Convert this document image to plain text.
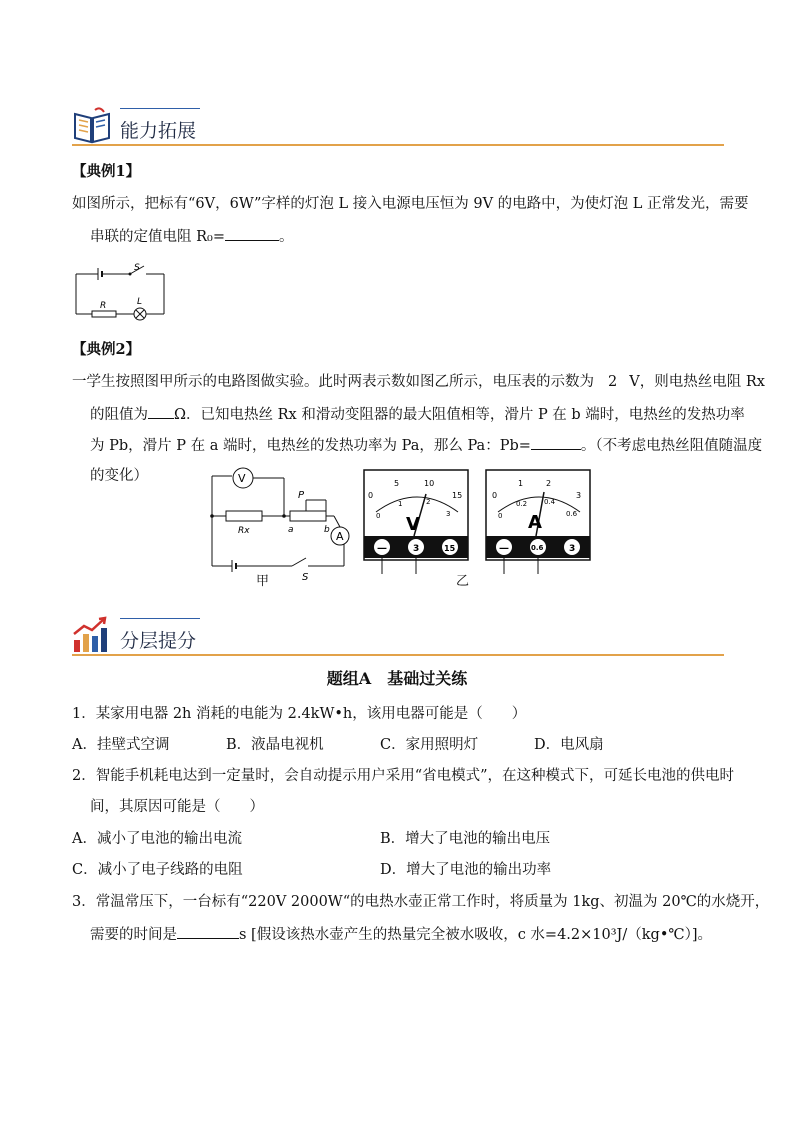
能力拓展
【典例1】
如图所示，把标有“6V，6W”字样的灯泡 L 接入电源电压恒为 9V 的电路中，为使灯泡 L 正常发光，需要
串联的定值电阻 R₀=	。
S
R	L
【典例2】
一学生按照图甲所示的电路图做实验。此时两表示数如图乙所示，电压表的示数为 2 V，则电热丝电阻 Rx
的阻值为 Ω．已知电热丝 Rx 和滑动变阻器的最大阻值相等，滑片 P 在 b 端时，电热丝的发热功率
为 Pb，滑片 P 在 a 端时，电热丝的发热功率为 Pa，那么 Pa：Pb=	。（不考虑电热丝阻值随温度
的变化）
S
V
Rx
P
a	b A
甲
0
5	10
15
0
1	2
3
V
—	3	15
0
1	2
3
0
0.2 0.4
0.6
A
—	0.6	3
乙
分层提分
题组A　基础过关练
1．某家用电器 2h 消耗的电能为 2.4kW•h，该用电器可能是（　　）
A．挂壁式空调	B．液晶电视机	C．家用照明灯	D．电风扇
2．智能手机耗电达到一定量时，会自动提示用户采用“省电模式”，在这种模式下，可延长电池的供电时
间，其原因可能是（　　）
A．减小了电池的输出电流	B．增大了电池的输出电压
C．减小了电子线路的电阻	D．增大了电池的输出功率
3．常温常压下，一台标有“220V 2000W“的电热水壶正常工作时，将质量为 1kg、初温为 20℃的水烧开，
需要的时间是	s [假设该热水壶产生的热量完全被水吸收，c 水=4.2×10³J/（kg•℃）]。
